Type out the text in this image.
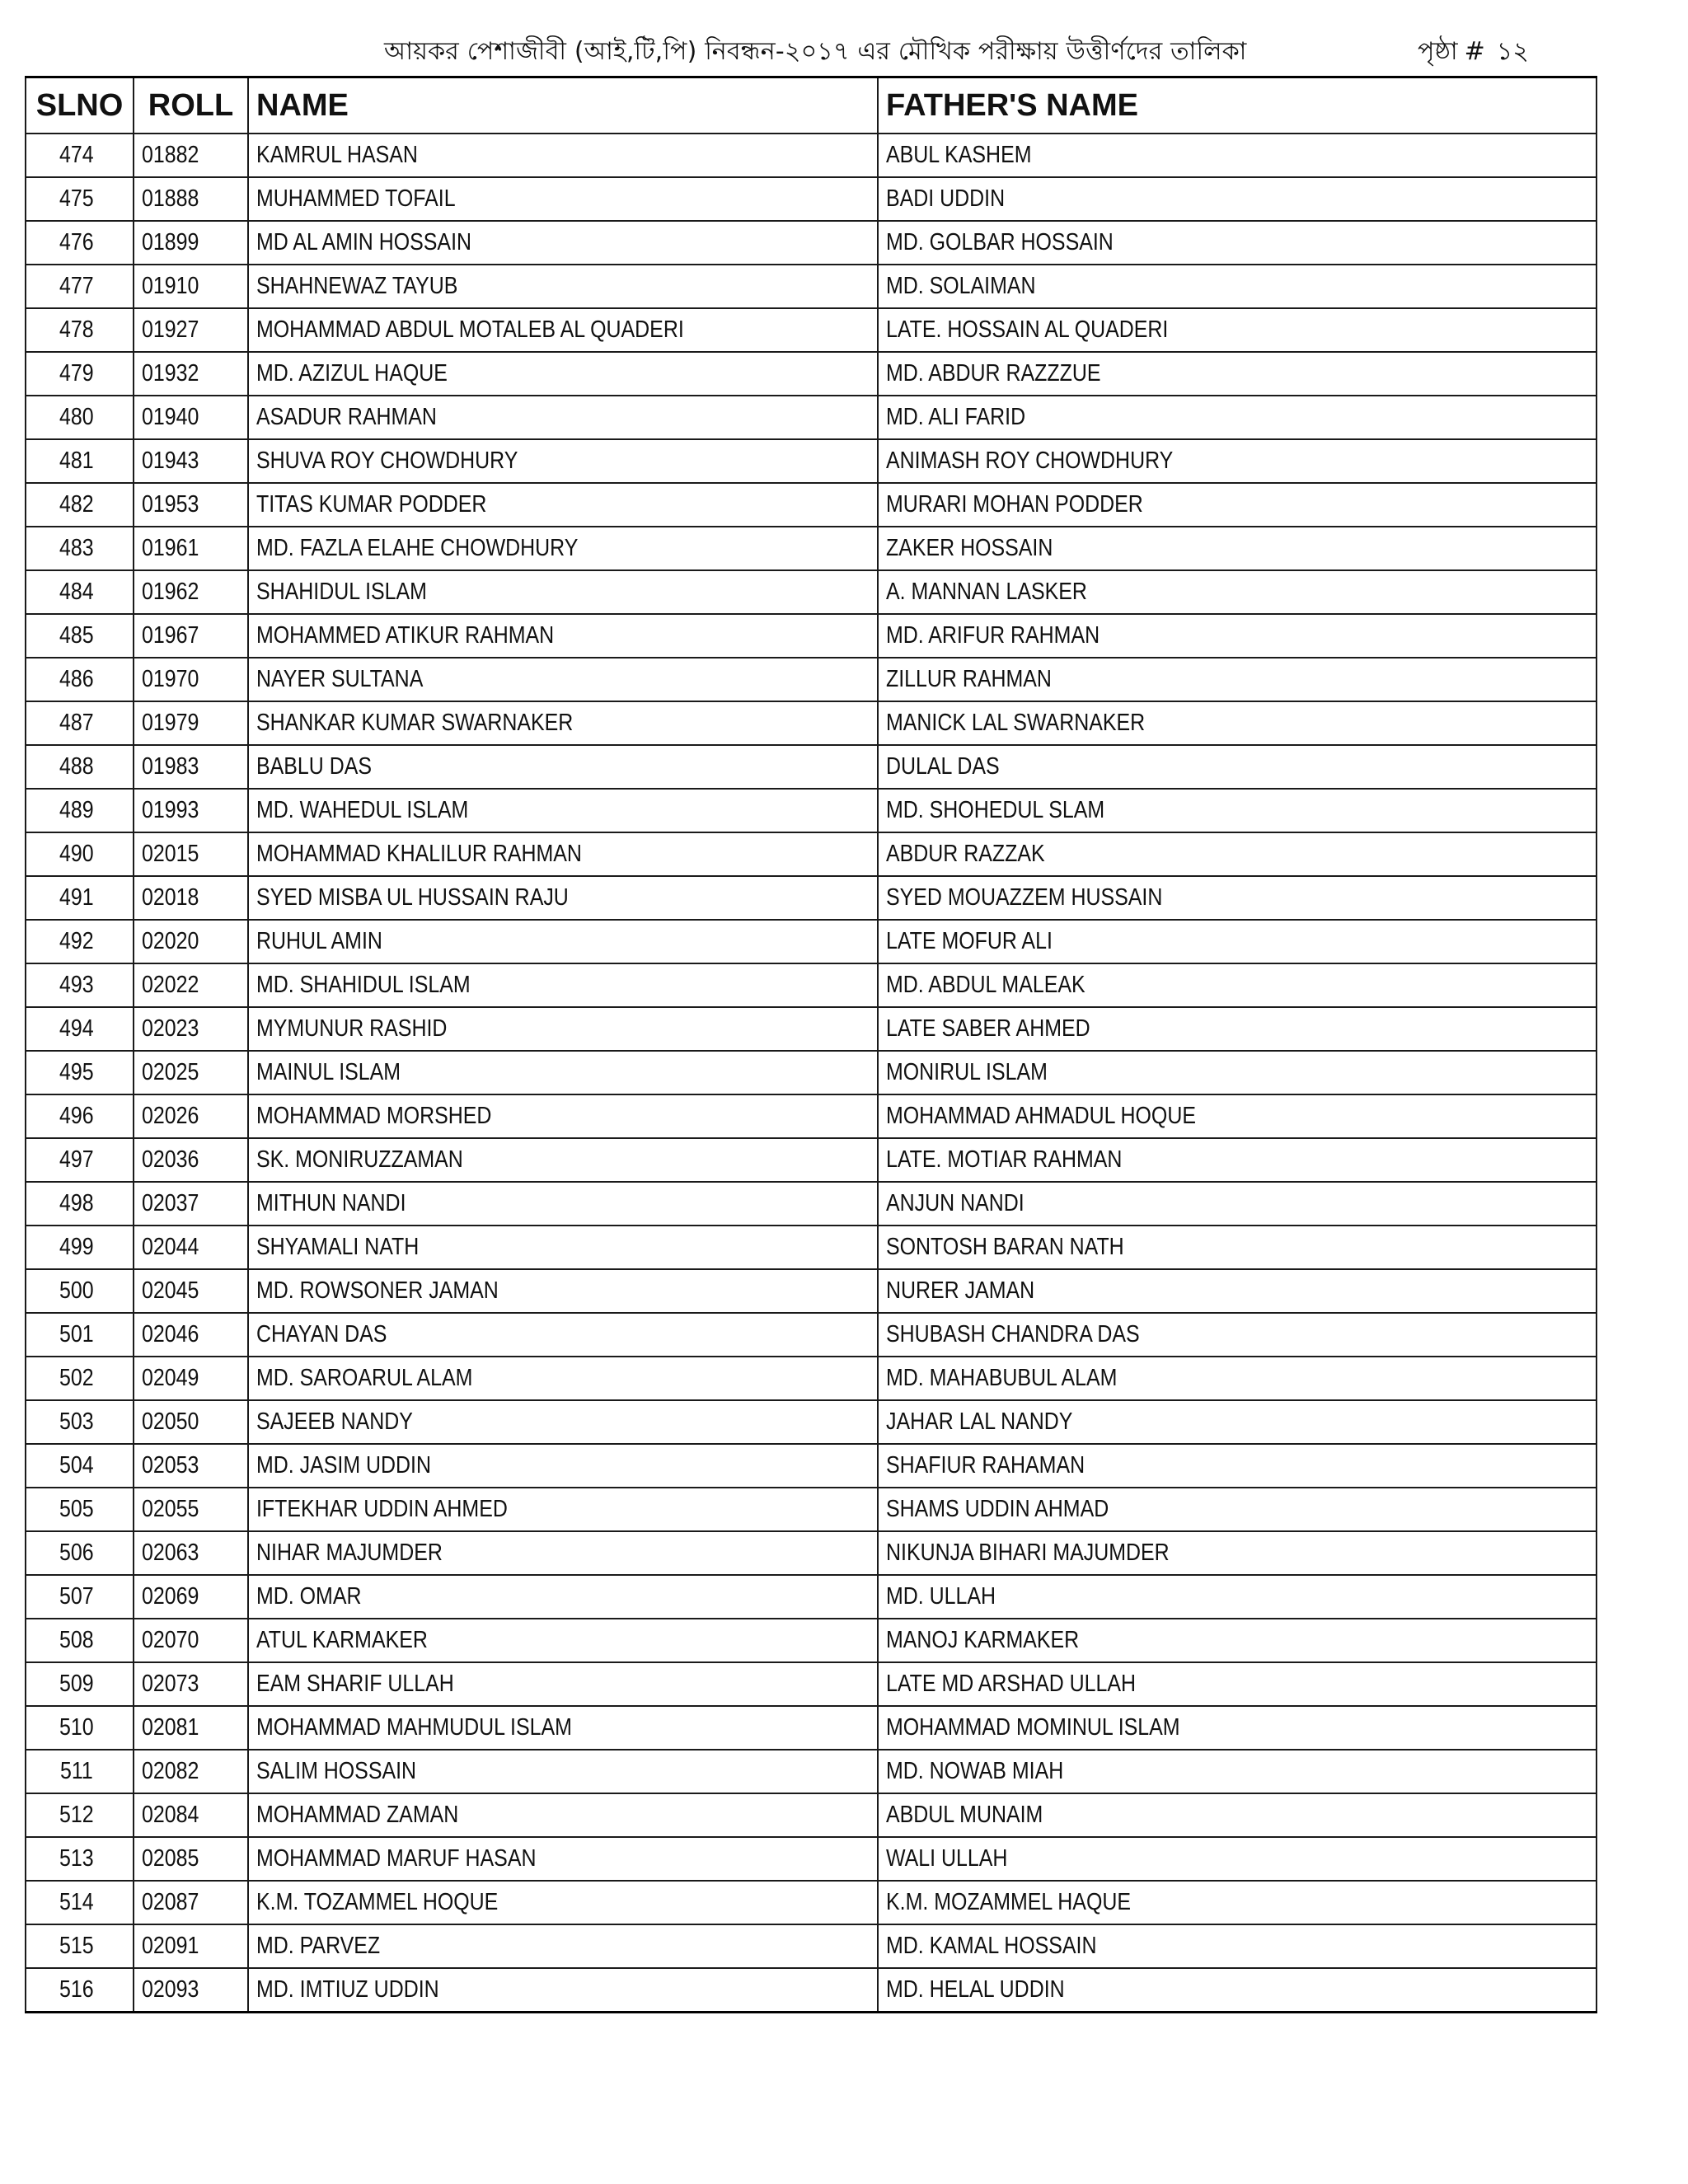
আয়কর পেশাজীবী (আই,টি,পি) নিবন্ধন-২০১৭ এর মৌখিক পরীক্ষায় উত্তীর্ণদের তালিকা	পৃষ্ঠা # ১২
SLNO	ROLL	NAME	FATHER'S NAME
474	01882	KAMRUL HASAN	ABUL KASHEM
475	01888	MUHAMMED TOFAIL	BADI UDDIN
476	01899	MD AL AMIN HOSSAIN	MD. GOLBAR HOSSAIN
477	01910	SHAHNEWAZ TAYUB	MD. SOLAIMAN
478	01927	MOHAMMAD ABDUL MOTALEB AL QUADERI	LATE. HOSSAIN AL QUADERI
479	01932	MD. AZIZUL HAQUE	MD. ABDUR RAZZZUE
480	01940	ASADUR RAHMAN	MD. ALI FARID
481	01943	SHUVA ROY CHOWDHURY	ANIMASH ROY CHOWDHURY
482	01953	TITAS KUMAR PODDER	MURARI MOHAN PODDER
483	01961	MD. FAZLA ELAHE CHOWDHURY	ZAKER HOSSAIN
484	01962	SHAHIDUL ISLAM	A. MANNAN LASKER
485	01967	MOHAMMED ATIKUR RAHMAN	MD. ARIFUR RAHMAN
486	01970	NAYER SULTANA	ZILLUR RAHMAN
487	01979	SHANKAR KUMAR SWARNAKER	MANICK LAL SWARNAKER
488	01983	BABLU DAS	DULAL DAS
489	01993	MD. WAHEDUL ISLAM	MD. SHOHEDUL SLAM
490	02015	MOHAMMAD KHALILUR RAHMAN	ABDUR RAZZAK
491	02018	SYED MISBA UL HUSSAIN RAJU	SYED MOUAZZEM HUSSAIN
492	02020	RUHUL AMIN	LATE MOFUR ALI
493	02022	MD. SHAHIDUL ISLAM	MD. ABDUL MALEAK
494	02023	MYMUNUR RASHID	LATE SABER AHMED
495	02025	MAINUL ISLAM	MONIRUL ISLAM
496	02026	MOHAMMAD MORSHED	MOHAMMAD AHMADUL HOQUE
497	02036	SK. MONIRUZZAMAN	LATE. MOTIAR RAHMAN
498	02037	MITHUN NANDI	ANJUN NANDI
499	02044	SHYAMALI NATH	SONTOSH BARAN NATH
500	02045	MD. ROWSONER JAMAN	NURER JAMAN
501	02046	CHAYAN DAS	SHUBASH CHANDRA DAS
502	02049	MD. SAROARUL ALAM	MD. MAHABUBUL ALAM
503	02050	SAJEEB NANDY	JAHAR LAL NANDY
504	02053	MD. JASIM UDDIN	SHAFIUR RAHAMAN
505	02055	IFTEKHAR UDDIN AHMED	SHAMS UDDIN AHMAD
506	02063	NIHAR MAJUMDER	NIKUNJA BIHARI MAJUMDER
507	02069	MD. OMAR	MD. ULLAH
508	02070	ATUL KARMAKER	MANOJ KARMAKER
509	02073	EAM SHARIF ULLAH	LATE MD ARSHAD ULLAH
510	02081	MOHAMMAD MAHMUDUL ISLAM	MOHAMMAD MOMINUL ISLAM
511	02082	SALIM HOSSAIN	MD. NOWAB MIAH
512	02084	MOHAMMAD ZAMAN	ABDUL MUNAIM
513	02085	MOHAMMAD MARUF HASAN	WALI ULLAH
514	02087	K.M. TOZAMMEL HOQUE	K.M. MOZAMMEL HAQUE
515	02091	MD. PARVEZ	MD. KAMAL HOSSAIN
516	02093	MD. IMTIUZ UDDIN	MD. HELAL UDDIN
